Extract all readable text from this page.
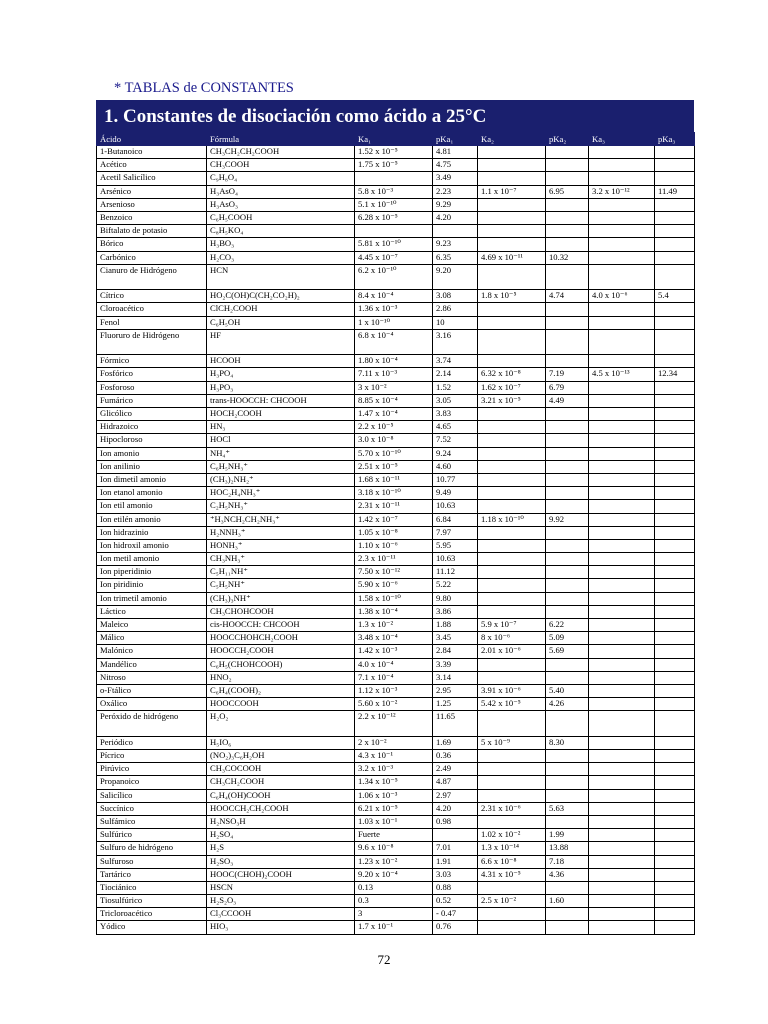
* TABLAS de CONSTANTES
1. Constantes de disociación como ácido a 25°C
Ácido	Fórmula	Ka₁	pKa₁	Ka₂	pKa₂	Ka₃	pKa₃
1-Butanoico	CH₃CH₂CH₂COOH	1.52 x 10⁻⁵	4.81				
Acético	CH₃COOH	1.75 x 10⁻⁵	4.75				
Acetil Salicílico	C₉H₈O₄		3.49				
Arsénico	H₃AsO₄	5.8 x 10⁻³	2.23	1.1 x 10⁻⁷	6.95	3.2 x 10⁻¹²	11.49
Arsenioso	H₃AsO₃	5.1 x 10⁻¹⁰	9.29				
Benzoico	C₆H₅COOH	6.28 x 10⁻⁵	4.20				
Biftalato de potasio	C₈H₅KO₄						
Bórico	H₃BO₃	5.81 x 10⁻¹⁰	9.23				
Carbónico	H₂CO₃	4.45 x 10⁻⁷	6.35	4.69 x 10⁻¹¹	10.32		
Cianuro de Hidrógeno	HCN	6.2 x 10⁻¹⁰	9.20				
Cítrico	HO₂C(OH)C(CH₂CO₂H)₂	8.4 x 10⁻⁴	3.08	1.8 x 10⁻⁵	4.74	4.0 x 10⁻⁶	5.4
Cloroacético	ClCH₂COOH	1.36 x 10⁻³	2.86				
Fenol	C₆H₅OH	1 x 10⁻¹⁰	10				
Fluoruro de Hidrógeno	HF	6.8 x 10⁻⁴	3.16				
Fórmico	HCOOH	1.80 x 10⁻⁴	3.74				
Fosfórico	H₃PO₄	7.11 x 10⁻³	2.14	6.32 x 10⁻⁸	7.19	4.5 x 10⁻¹³	12.34
Fosforoso	H₃PO₃	3 x 10⁻²	1.52	1.62 x 10⁻⁷	6.79		
Fumárico	trans-HOOCCH: CHCOOH	8.85 x 10⁻⁴	3.05	3.21 x 10⁻⁵	4.49		
Glicólico	HOCH₂COOH	1.47 x 10⁻⁴	3.83				
Hidrazoico	HN₃	2.2 x 10⁻⁵	4.65				
Hipocloroso	HOCl	3.0 x 10⁻⁸	7.52				
Ion amonio	NH₄⁺	5.70 x 10⁻¹⁰	9.24				
Ion anilinio	C₆H₅NH₃⁺	2.51 x 10⁻⁵	4.60				
Ion dimetil amonio	(CH₃)₂NH₂⁺	1.68 x 10⁻¹¹	10.77				
Ion etanol amonio	HOC₂H₄NH₃⁺	3.18 x 10⁻¹⁰	9.49				
Ion etil amonio	C₂H₅NH₃⁺	2.31 x 10⁻¹¹	10.63				
Ion etilén amonio	⁺H₃NCH₂CH₂NH₃⁺	1.42 x 10⁻⁷	6.84	1.18 x 10⁻¹⁰	9.92		
Ion hidrazinio	H₂NNH₃⁺	1.05 x 10⁻⁸	7.97				
Ion hidroxil amonio	HONH₃⁺	1.10 x 10⁻⁶	5.95				
Ion metil amonio	CH₃NH₃⁺	2.3 x 10⁻¹¹	10.63				
Ion piperidinio	C₅H₁₁NH⁺	7.50 x 10⁻¹²	11.12				
Ion piridinio	C₅H₅NH⁺	5.90 x 10⁻⁶	5.22				
Ion trimetil amonio	(CH₃)₃NH⁺	1.58 x 10⁻¹⁰	9.80				
Láctico	CH₃CHOHCOOH	1.38 x 10⁻⁴	3.86				
Maleico	cis-HOOCCH: CHCOOH	1.3 x 10⁻²	1.88	5.9 x 10⁻⁷	6.22		
Málico	HOOCCHOHCH₂COOH	3.48 x 10⁻⁴	3.45	8 x 10⁻⁶	5.09		
Malónico	HOOCCH₂COOH	1.42 x 10⁻³	2.84	2.01 x 10⁻⁶	5.69		
Mandélico	C₆H₅(CHOHCOOH)	4.0 x 10⁻⁴	3.39				
Nitroso	HNO₂	7.1 x 10⁻⁴	3.14				
o-Ftálico	C₆H₄(COOH)₂	1.12 x 10⁻³	2.95	3.91 x 10⁻⁶	5.40		
Oxálico	HOOCCOOH	5.60 x 10⁻²	1.25	5.42 x 10⁻⁵	4.26		
Peróxido de hidrógeno	H₂O₂	2.2 x 10⁻¹²	11.65				
Periódico	H₅IO₆	2 x 10⁻²	1.69	5 x 10⁻⁹	8.30		
Pícrico	(NO₂)₃C₆H₂OH	4.3 x 10⁻¹	0.36				
Pirúvico	CH₃COCOOH	3.2 x 10⁻³	2.49				
Propanoico	CH₃CH₂COOH	1.34 x 10⁻⁵	4.87				
Salicílico	C₆H₄(OH)COOH	1.06 x 10⁻³	2.97				
Succínico	HOOCCH₂CH₂COOH	6.21 x 10⁻⁵	4.20	2.31 x 10⁻⁶	5.63		
Sulfámico	H₂NSO₃H	1.03 x 10⁻¹	0.98				
Sulfúrico	H₂SO₄	Fuerte		1.02 x 10⁻²	1.99		
Sulfuro de hidrógeno	H₂S	9.6 x 10⁻⁸	7.01	1.3 x 10⁻¹⁴	13.88		
Sulfuroso	H₂SO₃	1.23 x 10⁻²	1.91	6.6 x 10⁻⁸	7.18		
Tartárico	HOOC(CHOH)₂COOH	9.20 x 10⁻⁴	3.03	4.31 x 10⁻⁵	4.36		
Tiociánico	HSCN	0.13	0.88				
Tiosulfúrico	H₂S₂O₃	0.3	0.52	2.5 x 10⁻²	1.60		
Tricloroacético	Cl₃CCOOH	3	- 0.47				
Yódico	HIO₃	1.7 x 10⁻¹	0.76				
72
